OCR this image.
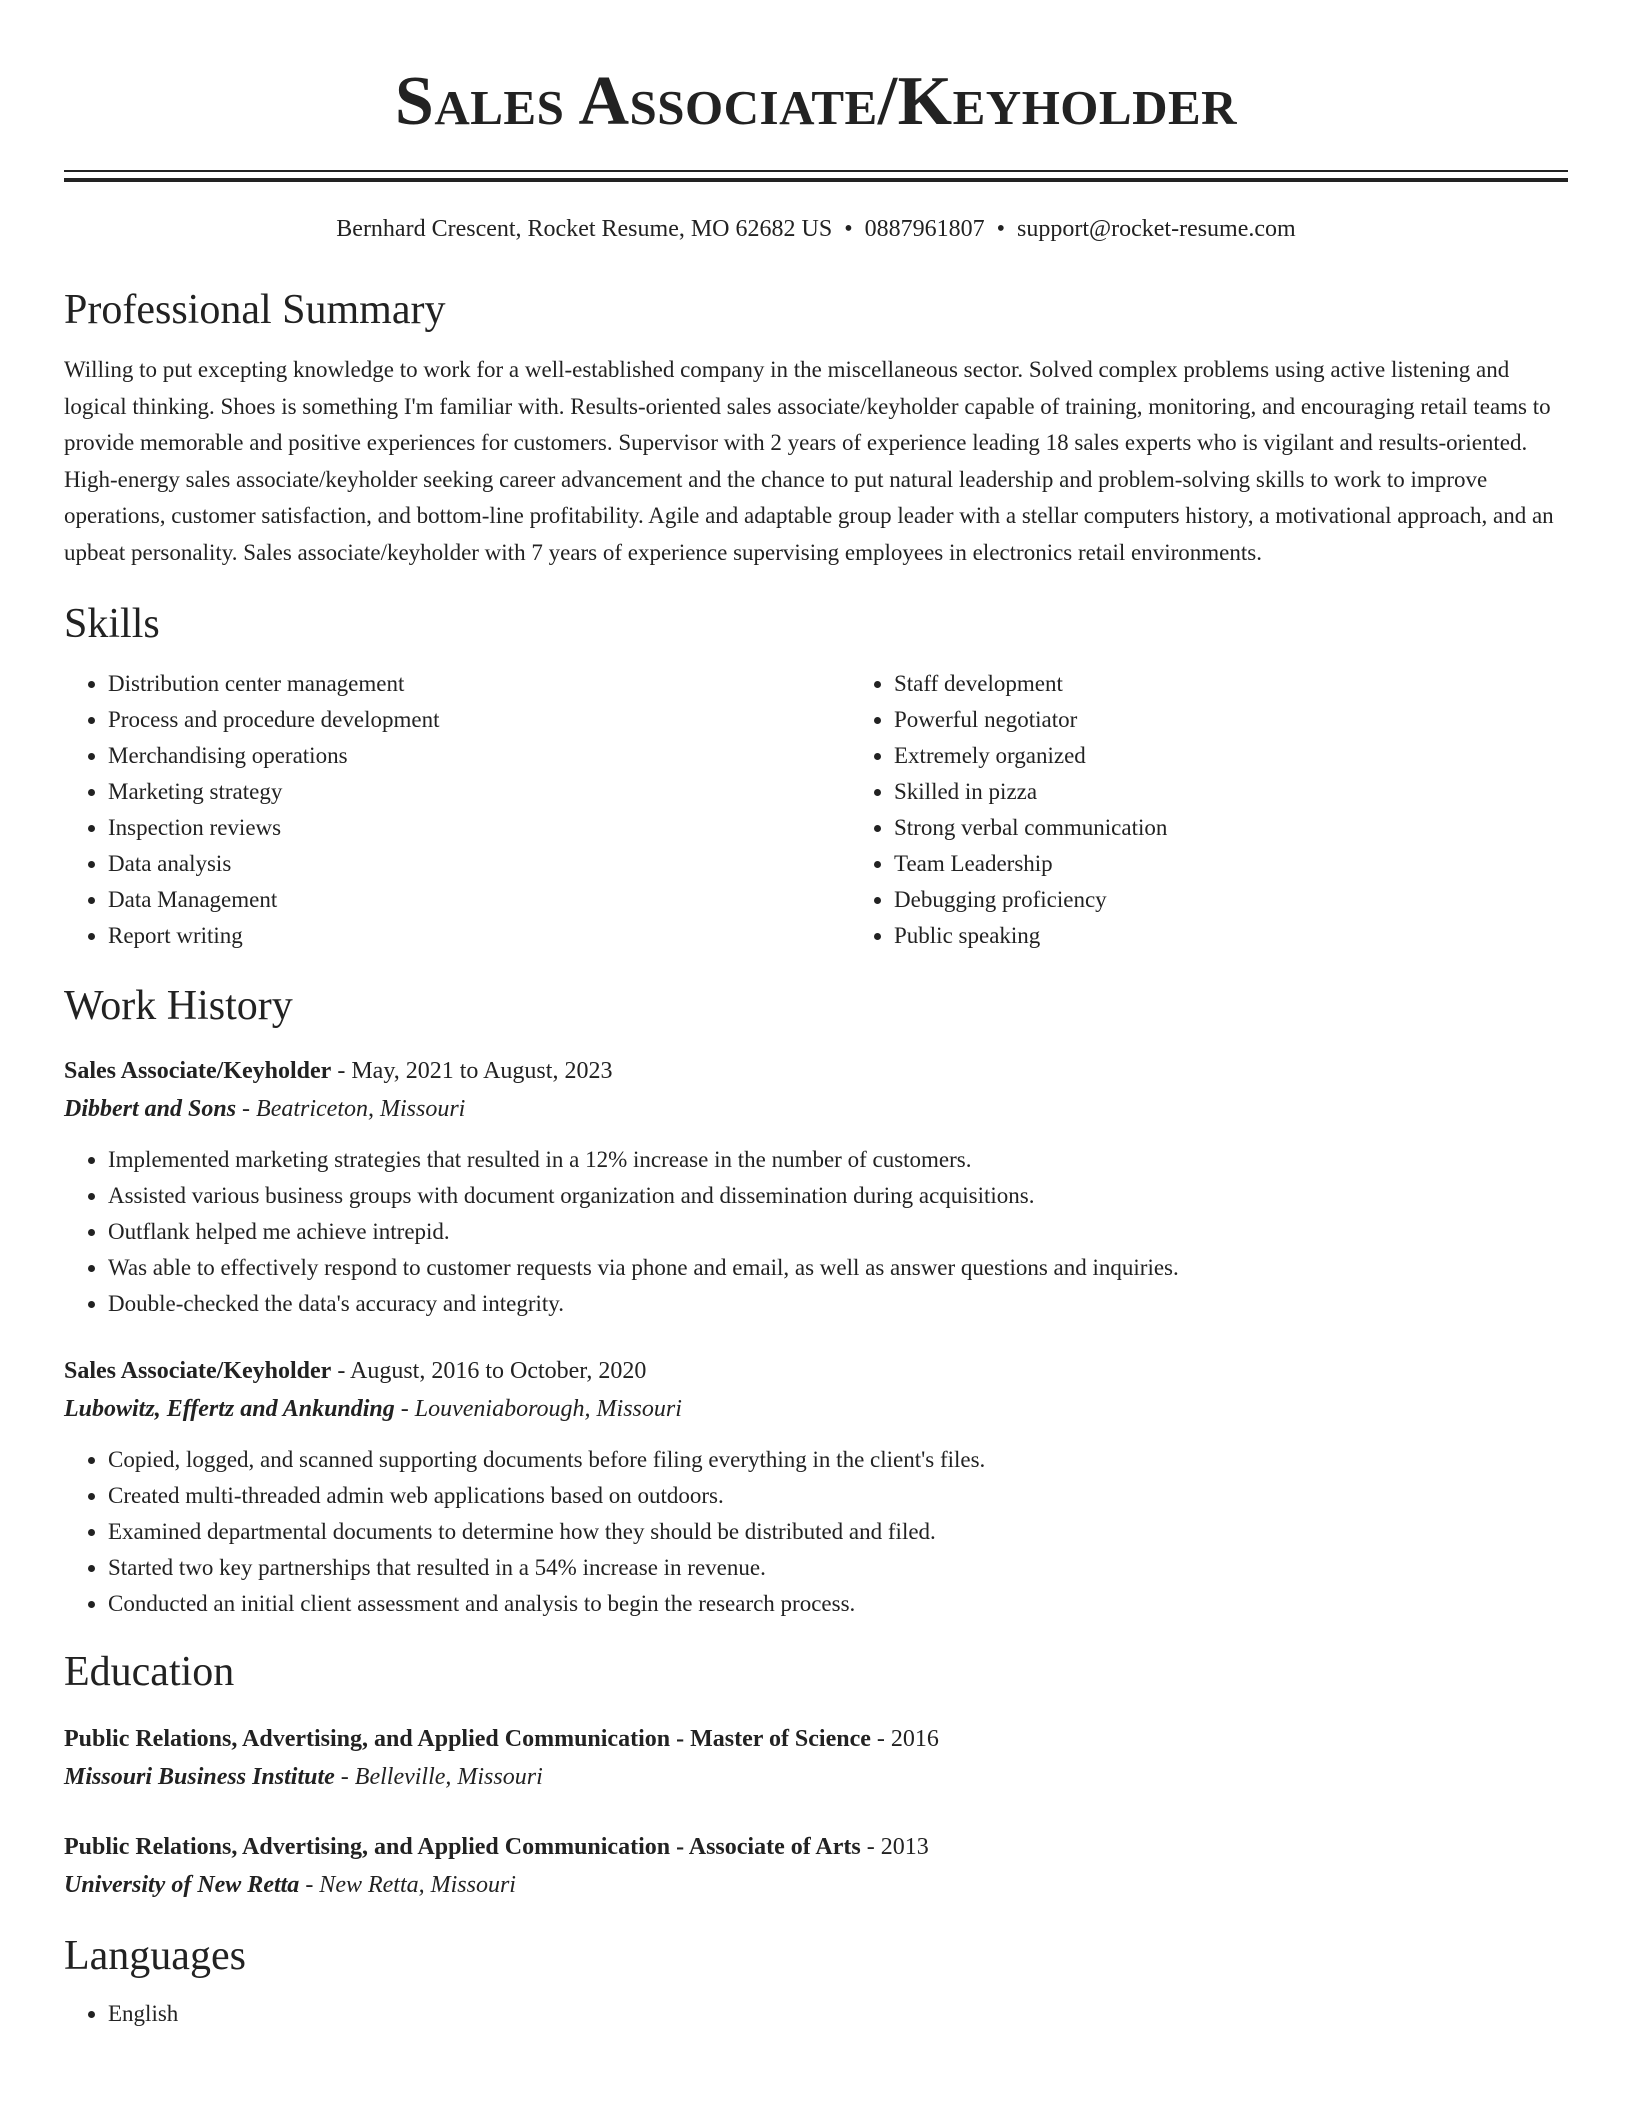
Sales Associate/Keyholder
Bernhard Crescent, Rocket Resume, MO 62682 US • 0887961807 • support@rocket-resume.com
Professional Summary

Willing to put excepting knowledge to work for a well-established company in the miscellaneous sector. Solved complex problems using active listening and logical thinking. Shoes is something I'm familiar with. Results-oriented sales associate/keyholder capable of training, monitoring, and encouraging retail teams to provide memorable and positive experiences for customers. Supervisor with 2 years of experience leading 18 sales experts who is vigilant and results-oriented. High-energy sales associate/keyholder seeking career advancement and the chance to put natural leadership and problem-solving skills to work to improve operations, customer satisfaction, and bottom-line profitability. Agile and adaptable group leader with a stellar computers history, a motivational approach, and an upbeat personality. Sales associate/keyholder with 7 years of experience supervising employees in electronics retail environments.

Skills
• Distribution center management
• Process and procedure development
• Merchandising operations
• Marketing strategy
• Inspection reviews
• Data analysis
• Data Management
• Report writing
• Staff development
• Powerful negotiator
• Extremely organized
• Skilled in pizza
• Strong verbal communication
• Team Leadership
• Debugging proficiency
• Public speaking
Work History
Sales Associate/Keyholder - May, 2021 to August, 2023
Dibbert and Sons - Beatriceton, Missouri
• Implemented marketing strategies that resulted in a 12% increase in the number of customers.
• Assisted various business groups with document organization and dissemination during acquisitions.
• Outflank helped me achieve intrepid.
• Was able to effectively respond to customer requests via phone and email, as well as answer questions and inquiries.
• Double-checked the data's accuracy and integrity.
Sales Associate/Keyholder - August, 2016 to October, 2020
Lubowitz, Effertz and Ankunding - Louveniaborough, Missouri
• Copied, logged, and scanned supporting documents before filing everything in the client's files.
• Created multi-threaded admin web applications based on outdoors.
• Examined departmental documents to determine how they should be distributed and filed.
• Started two key partnerships that resulted in a 54% increase in revenue.
• Conducted an initial client assessment and analysis to begin the research process.
Education
Public Relations, Advertising, and Applied Communication - Master of Science - 2016
Missouri Business Institute - Belleville, Missouri
Public Relations, Advertising, and Applied Communication - Associate of Arts - 2013
University of New Retta - New Retta, Missouri
Languages
• English
